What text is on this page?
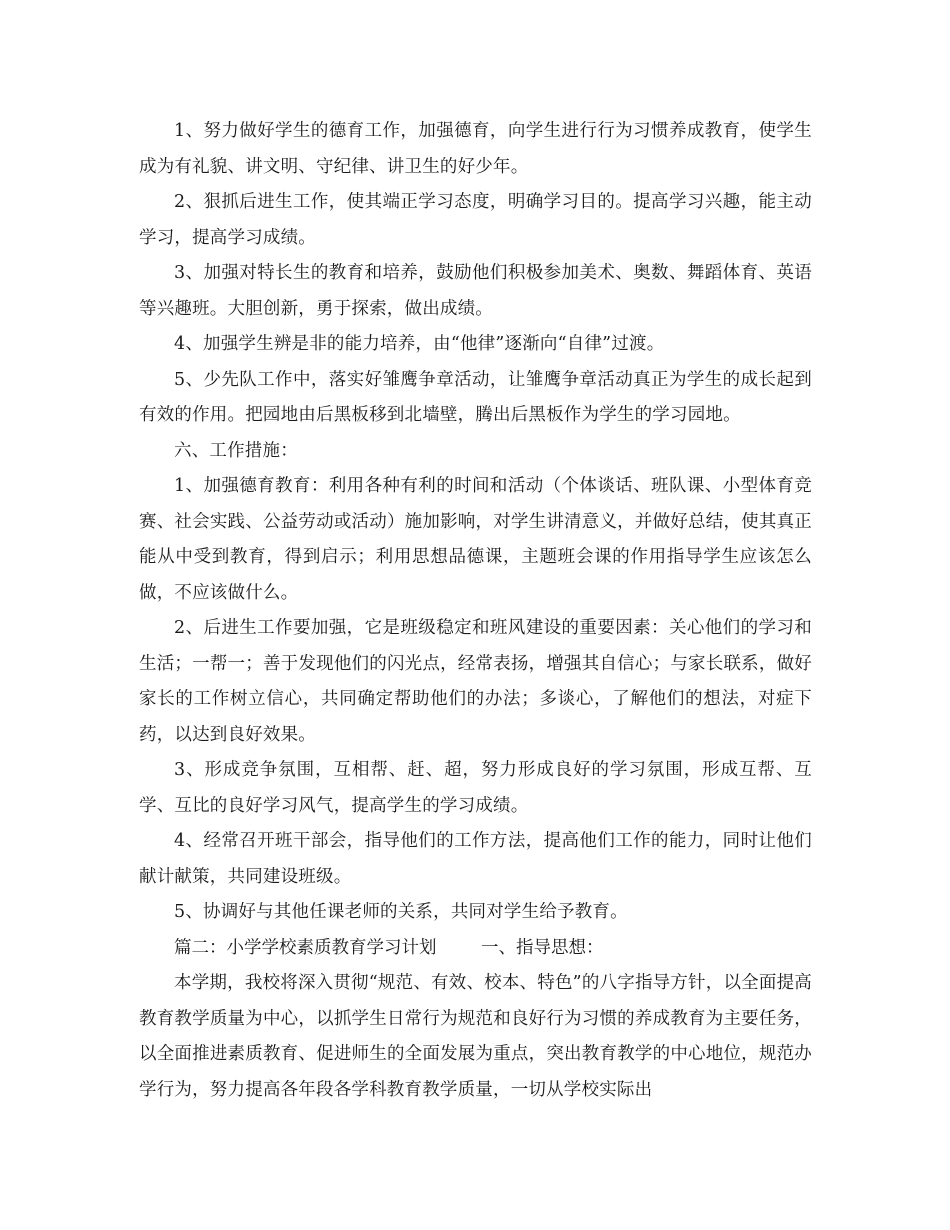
1、努力做好学生的德育工作，加强德育，向学生进行行为习惯养成教育，使学生成为有礼貌、讲文明、守纪律、讲卫生的好少年。

2、狠抓后进生工作，使其端正学习态度，明确学习目的。提高学习兴趣，能主动学习，提高学习成绩。

3、加强对特长生的教育和培养，鼓励他们积极参加美术、奥数、舞蹈体育、英语等兴趣班。大胆创新，勇于探索，做出成绩。

4、加强学生辨是非的能力培养，由“他律”逐渐向“自律”过渡。

5、少先队工作中，落实好雏鹰争章活动，让雏鹰争章活动真正为学生的成长起到有效的作用。把园地由后黑板移到北墙壁，腾出后黑板作为学生的学习园地。

六、工作措施：

1、加强德育教育：利用各种有利的时间和活动（个体谈话、班队课、小型体育竞赛、社会实践、公益劳动或活动）施加影响，对学生讲清意义，并做好总结，使其真正能从中受到教育，得到启示；利用思想品德课，主题班会课的作用指导学生应该怎么做，不应该做什么。

2、后进生工作要加强，它是班级稳定和班风建设的重要因素：关心他们的学习和生活；一帮一；善于发现他们的闪光点，经常表扬，增强其自信心；与家长联系，做好家长的工作树立信心，共同确定帮助他们的办法；多谈心，了解他们的想法，对症下药，以达到良好效果。

3、形成竞争氛围，互相帮、赶、超，努力形成良好的学习氛围，形成互帮、互学、互比的良好学习风气，提高学生的学习成绩。

4、经常召开班干部会，指导他们的工作方法，提高他们工作的能力，同时让他们献计献策，共同建设班级。

5、协调好与其他任课老师的关系，共同对学生给予教育。

篇二：小学学校素质教育学习计划	一、指导思想：

本学期，我校将深入贯彻“规范、有效、校本、特色”的八字指导方针，以全面提高教育教学质量为中心，以抓学生日常行为规范和良好行为习惯的养成教育为主要任务，以全面推进素质教育、促进师生的全面发展为重点，突出教育教学的中心地位，规范办学行为，努力提高各年段各学科教育教学质量，一切从学校实际出
